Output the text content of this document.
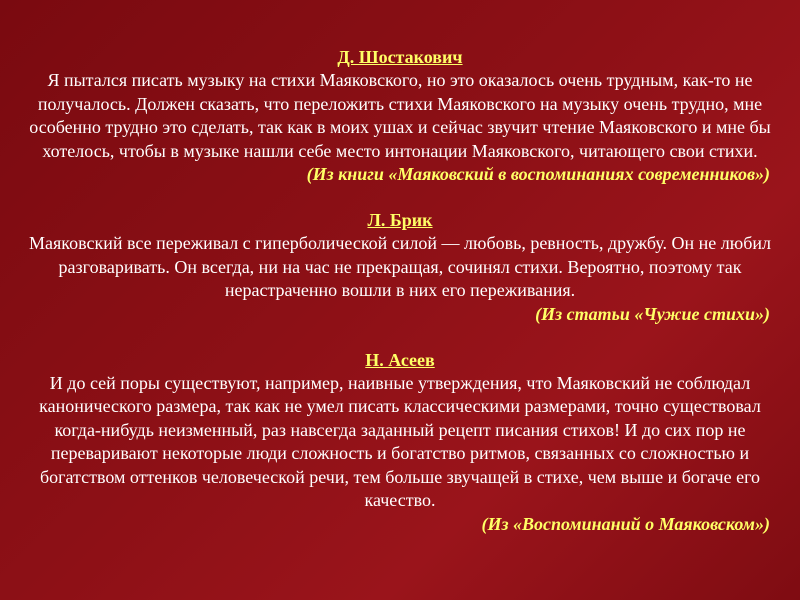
Д. Шостакович
Я пытался писать музыку на стихи Маяковского, но это оказалось очень трудным, как-то не получалось. Должен сказать, что переложить стихи Маяковского на музыку очень трудно, мне особенно трудно это сделать, так как в моих ушах и сейчас звучит чтение Маяковского и мне бы хотелось, чтобы в музыке нашли себе место интонации Маяковского, читающего свои стихи.
(Из книги «Маяковский в воспоминаниях современников»)
Л. Брик
Маяковский все переживал с гиперболической силой — любовь, ревность, дружбу. Он не любил разговаривать. Он всегда, ни на час не прекращая, сочинял стихи. Вероятно, поэтому так нерастраченно вошли в них его переживания.
(Из статьи «Чужие стихи»)
Н. Асеев
И до сей поры существуют, например, наивные утверждения, что Маяковский не соблюдал канонического размера, так как не умел писать классическими размерами, точно существовал когда-нибудь неизменный, раз навсегда заданный рецепт писания стихов! И до сих пор не переваривают некоторые люди сложность и богатство ритмов, связанных со сложностью и богатством оттенков человеческой речи, тем больше звучащей в стихе, чем выше и богаче его качество.
(Из «Воспоминаний о Маяковском»)
